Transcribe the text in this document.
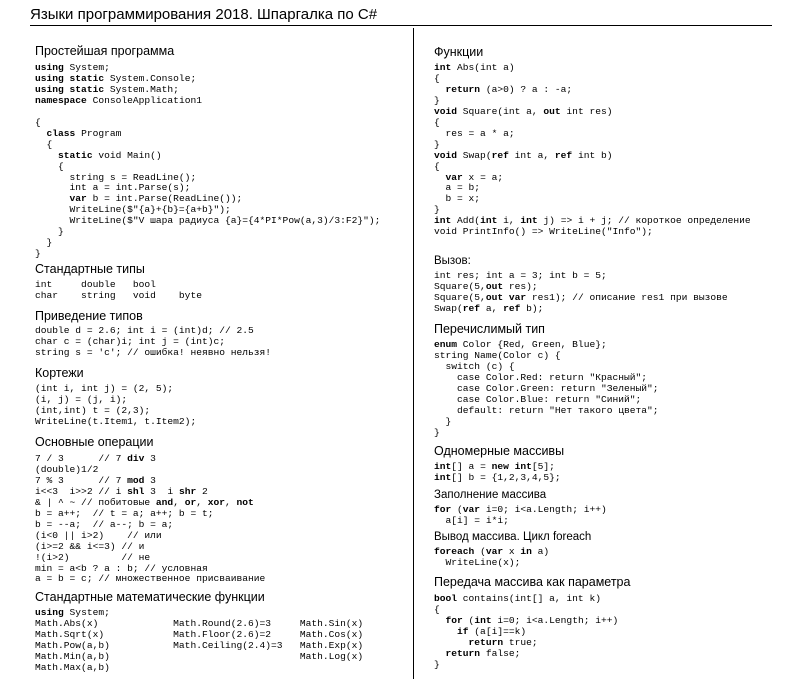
Языки программирования 2018. Шпаргалка по С#
Простейшая программа
using System;
using static System.Console;
using static System.Math;
namespace ConsoleApplication1
{
class Program
{
static void Main()
{
string s = ReadLine();
int a = int.Parse(s);
var b = int.Parse(ReadLine());
WriteLine($"{a}+{b}={a+b}");
WriteLine($"V шара радиуса {a}={4*PI*Pow(a,3)/3:F2}");
}
}
}
Стандартные типы
int     double   bool
char    string   void    byte
Приведение типов
double d = 2.6; int i = (int)d; // 2.5
char c = (char)i; int j = (int)c;
string s = 'c'; // ошибка! неявно нельзя!
Кортежи
(int i, int j) = (2, 5);
(i, j) = (j, i);
(int,int) t = (2,3);
WriteLine(t.Item1, t.Item2);
Основные операции
7 / 3      // 7 div 3
(double)1/2
7 % 3      // 7 mod 3
i<<3  i>>2 // i shl 3  i shr 2
& | ^ ~ // побитовые and, or, xor, not
b = a++;  // t = a; a++; b = t;
b = --a;  // a--; b = a;
(i<0 || i>2)    // или
(i>=2 && i<=3) // и
!(i>2)         // не
min = a<b ? a : b; // условная
a = b = c; // множественное присваивание
Стандартные математические функции
using System;
Math.Abs(x)             Math.Round(2.6)=3     Math.Sin(x)
Math.Sqrt(x)            Math.Floor(2.6)=2     Math.Cos(x)
Math.Pow(a,b)           Math.Ceiling(2.4)=3   Math.Exp(x)
Math.Min(a,b)                                 Math.Log(x)
Math.Max(a,b)
Функции
int Abs(int a)
{
return (a>0) ? a : -a;
}
void Square(int a, out int res)
{
res = a * a;
}
void Swap(ref int a, ref int b)
{
var x = a;
a = b;
b = x;
}
int Add(int i, int j) => i + j; // короткое определение
void PrintInfo() => WriteLine("Info");
Вызов:
int res; int a = 3; int b = 5;
Square(5,out res);
Square(5,out var res1); // описание res1 при вызове
Swap(ref a, ref b);
Перечислимый тип
enum Color {Red, Green, Blue};
string Name(Color c) {
switch (c) {
case Color.Red: return "Красный";
case Color.Green: return "Зеленый";
case Color.Blue: return "Синий";
default: return "Нет такого цвета";
}
}
Одномерные массивы
int[] a = new int[5];
int[] b = {1,2,3,4,5};
Заполнение массива
for (var i=0; i<a.Length; i++)
a[i] = i*i;
Вывод массива. Цикл foreach
foreach (var x in a)
WriteLine(x);
Передача массива как параметра
bool contains(int[] a, int k)
{
for (int i=0; i<a.Length; i++)
if (a[i]==k)
return true;
return false;
}
